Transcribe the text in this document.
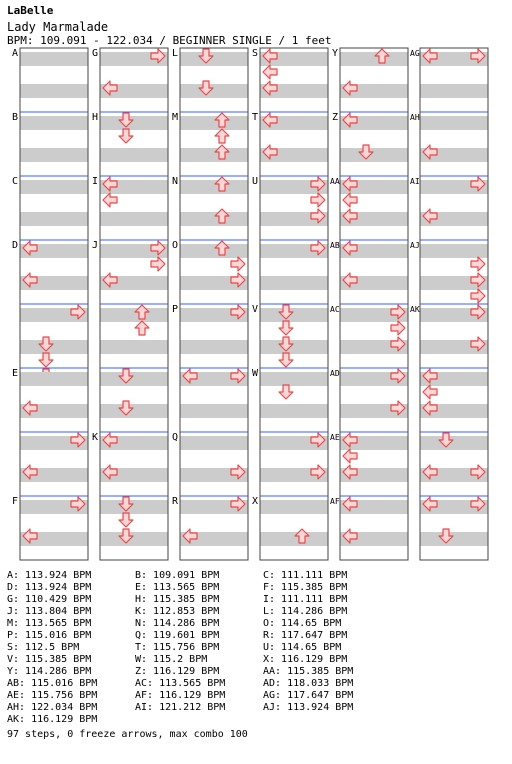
LaBelle
Lady Marmalade
BPM: 109.091 - 122.034 / BEGINNER SINGLE / 1 feet
A
B
C
D
E
F
G
H
I
J
K
L
M
N
O
P
Q
R
S
T
U
V
W
X
Y
Z
AA
AB
AC
AD
AE
AF
AG
AH
AI
AJ
AK
A: 113.924 BPM	B: 109.091 BPM	C: 111.111 BPM
D: 113.924 BPM	E: 113.565 BPM	F: 115.385 BPM
G: 110.429 BPM	H: 115.385 BPM	I: 111.111 BPM
J: 113.804 BPM	K: 112.853 BPM	L: 114.286 BPM
M: 113.565 BPM	N: 114.286 BPM	O: 114.65 BPM
P: 115.016 BPM	Q: 119.601 BPM	R: 117.647 BPM
S: 112.5 BPM	T: 115.756 BPM	U: 114.65 BPM
V: 115.385 BPM	W: 115.2 BPM	X: 116.129 BPM
Y: 114.286 BPM	Z: 116.129 BPM	AA: 115.385 BPM
AB: 115.016 BPM	AC: 113.565 BPM	AD: 118.033 BPM
AE: 115.756 BPM	AF: 116.129 BPM	AG: 117.647 BPM
AH: 122.034 BPM	AI: 121.212 BPM	AJ: 113.924 BPM
AK: 116.129 BPM
97 steps, 0 freeze arrows, max combo 100
